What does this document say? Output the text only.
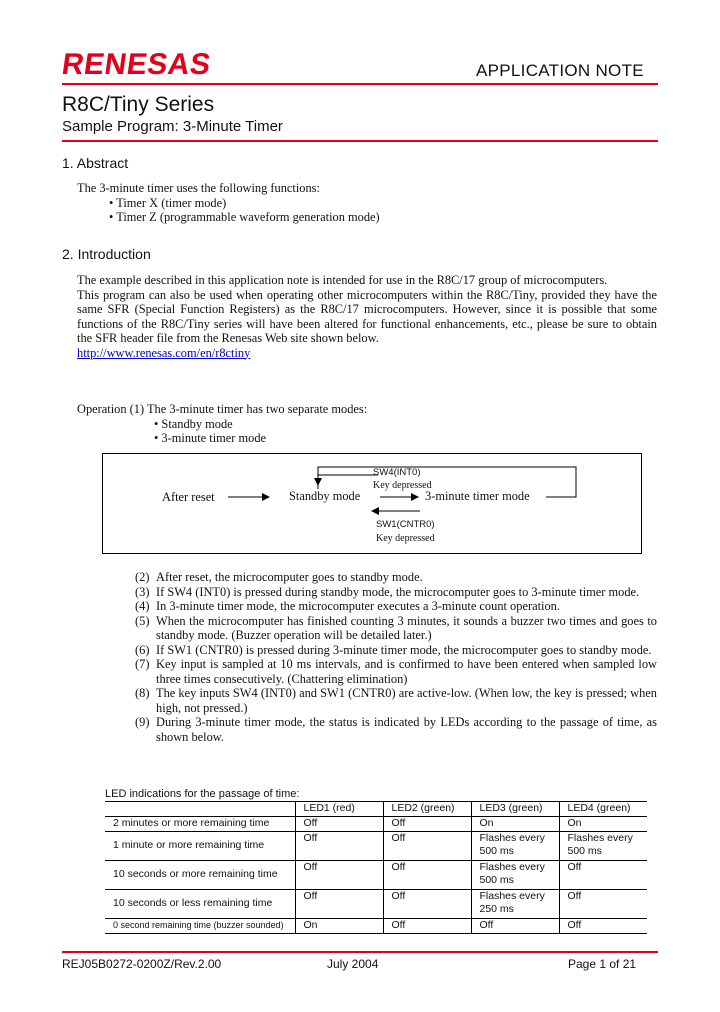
RENESAS	APPLICATION NOTE
R8C/Tiny Series
Sample Program: 3-Minute Timer
1. Abstract

The 3-minute timer uses the following functions:

• Timer X (timer mode)

• Timer Z (programmable waveform generation mode)

2. Introduction

The example described in this application note is intended for use in the R8C/17 group of microcomputers.

This program can also be used when operating other microcomputers within the R8C/Tiny, provided they have the same SFR (Special Function Registers) as the R8C/17 microcomputers. However, since it is possible that some functions of the R8C/Tiny series will have been altered for functional enhancements, etc., please be sure to obtain the SFR header file from the Renesas Web site shown below.

http://www.renesas.com/en/r8ctiny

Operation (1) The 3-minute timer has two separate modes:

• Standby mode

• 3-minute timer mode

After reset	Standby mode	3-minute timer mode
SW4(INT0)
Key depressed
SW1(CNTR0)
Key depressed
(2) After reset, the microcomputer goes to standby mode.
(3) If SW4 (INT0) is pressed during standby mode, the microcomputer goes to 3-minute timer mode.
(4) In 3-minute timer mode, the microcomputer executes a 3-minute count operation.
(5) When the microcomputer has finished counting 3 minutes, it sounds a buzzer two times and goes to standby mode. (Buzzer operation will be detailed later.)
(6) If SW1 (CNTR0) is pressed during 3-minute timer mode, the microcomputer goes to standby mode.
(7) Key input is sampled at 10 ms intervals, and is confirmed to have been entered when sampled low three times consecutively. (Chattering elimination)
(8) The key inputs SW4 (INT0) and SW1 (CNTR0) are active-low. (When low, the key is pressed; when high, not pressed.)
(9) During 3-minute timer mode, the status is indicated by LEDs according to the passage of time, as shown below.
LED indications for the passage of time:
	LED1 (red)	LED2 (green)	LED3 (green)	LED4 (green)
2 minutes or more remaining time	Off	Off	On	On
1 minute or more remaining time	Off	Off	Flashes every 500 ms	Flashes every 500 ms
10 seconds or more remaining time	Off	Off	Flashes every 500 ms	Off
10 seconds or less remaining time	Off	Off	Flashes every 250 ms	Off
0 second remaining time (buzzer sounded)	On	Off	Off	Off
REJ05B0272-0200Z/Rev.2.00	July 2004	Page 1 of 21
